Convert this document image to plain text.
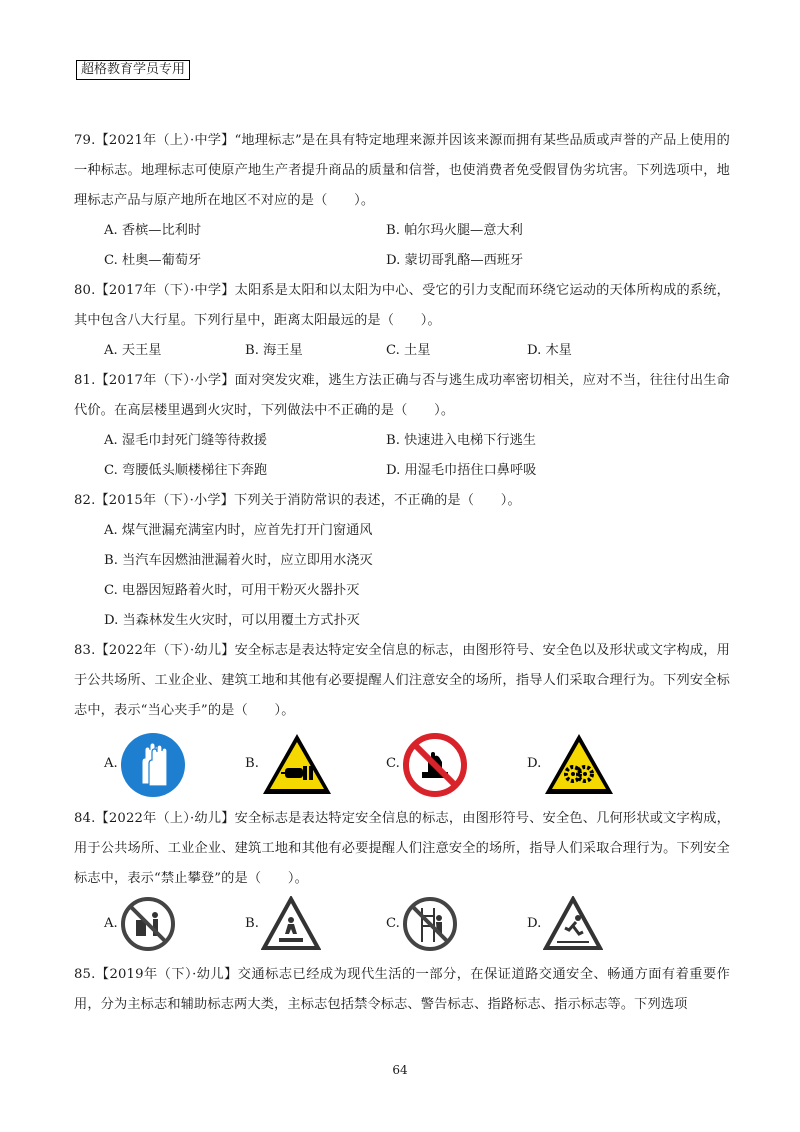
超格教育学员专用

79.【2021年（上）·中学】“地理标志”是在具有特定地理来源并因该来源而拥有某些品质或声誉的产品上使用的一种标志。地理标志可使原产地生产者提升商品的质量和信誉，也使消费者免受假冒伪劣坑害。下列选项中，地理标志产品与原产地所在地区不对应的是（　　）。

A. 香槟—比利时	B. 帕尔玛火腿—意大利
C. 杜奥—葡萄牙	D. 蒙切哥乳酪—西班牙

80.【2017年（下）·中学】太阳系是太阳和以太阳为中心、受它的引力支配而环绕它运动的天体所构成的系统，其中包含八大行星。下列行星中，距离太阳最远的是（　　）。

A. 天王星	B. 海王星	C. 土星	D. 木星

81.【2017年（下）·小学】面对突发灾难，逃生方法正确与否与逃生成功率密切相关，应对不当，往往付出生命代价。在高层楼里遇到火灾时，下列做法中不正确的是（　　）。

A. 湿毛巾封死门缝等待救援	B. 快速进入电梯下行逃生
C. 弯腰低头顺楼梯往下奔跑	D. 用湿毛巾捂住口鼻呼吸

82.【2015年（下）·小学】下列关于消防常识的表述，不正确的是（　　）。

A. 煤气泄漏充满室内时，应首先打开门窗通风
B. 当汽车因燃油泄漏着火时，应立即用水浇灭
C. 电器因短路着火时，可用干粉灭火器扑灭
D. 当森林发生火灾时，可以用覆土方式扑灭

83.【2022年（下）·幼儿】安全标志是表达特定安全信息的标志，由图形符号、安全色以及形状或文字构成，用于公共场所、工业企业、建筑工地和其他有必要提醒人们注意安全的场所，指导人们采取合理行为。下列安全标志中，表示“当心夹手”的是（　　）。

A.	B.	C.	D.

84.【2022年（上）·幼儿】安全标志是表达特定安全信息的标志，由图形符号、安全色、几何形状或文字构成，用于公共场所、工业企业、建筑工地和其他有必要提醒人们注意安全的场所，指导人们采取合理行为。下列安全标志中，表示“禁止攀登”的是（　　）。

A.	B.	C.	D.

85.【2019年（下）·幼儿】交通标志已经成为现代生活的一部分，在保证道路交通安全、畅通方面有着重要作用，分为主标志和辅助标志两大类，主标志包括禁令标志、警告标志、指路标志、指示标志等。下列选项

64
